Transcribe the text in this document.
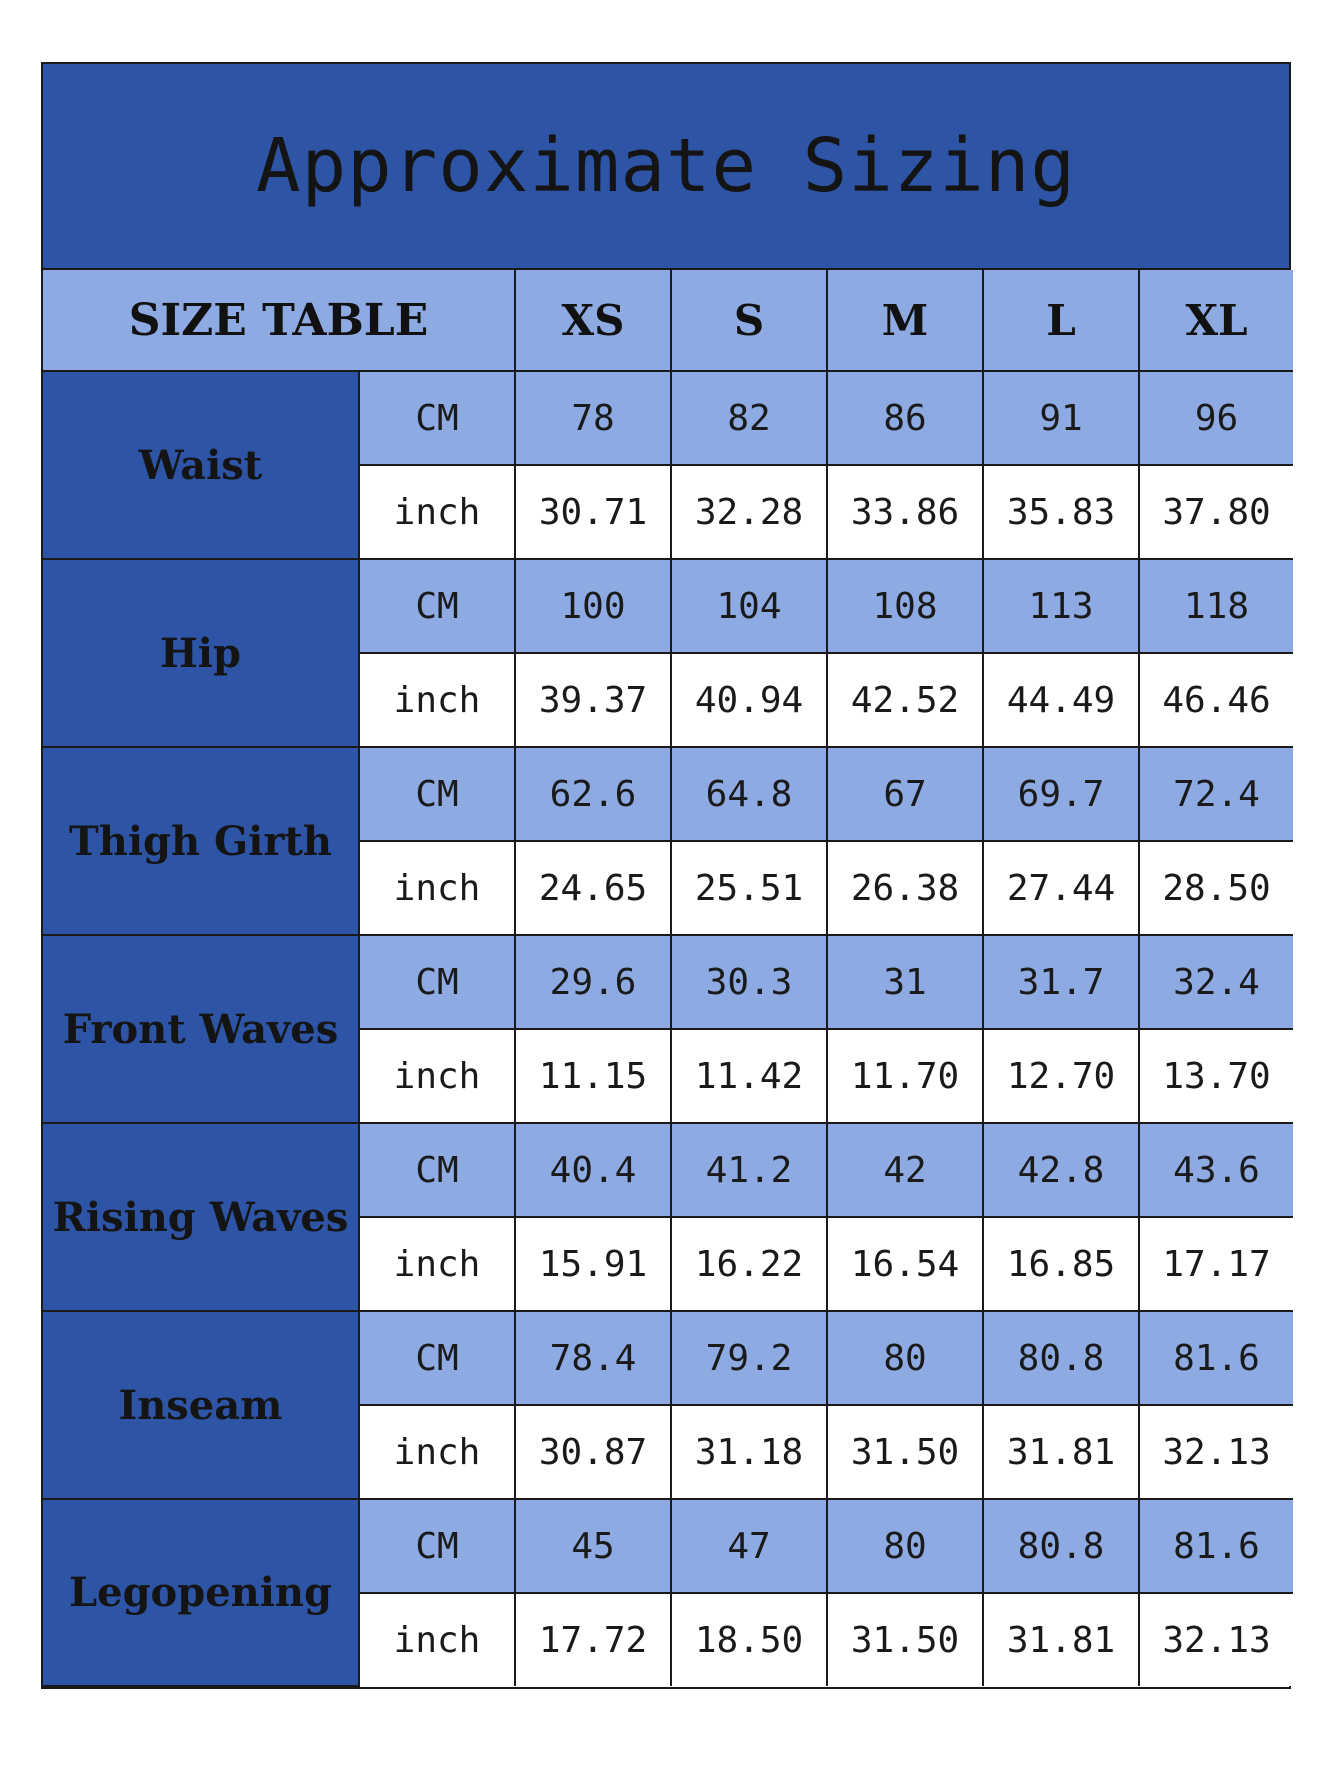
Approximate Sizing
SIZE TABLE		XS	S	M	L	XL
Waist	CM	78	82	86	91	96
	inch	30.71	32.28	33.86	35.83	37.80
Hip	CM	100	104	108	113	118
	inch	39.37	40.94	42.52	44.49	46.46
Thigh Girth	CM	62.6	64.8	67	69.7	72.4
	inch	24.65	25.51	26.38	27.44	28.50
Front Waves	CM	29.6	30.3	31	31.7	32.4
	inch	11.15	11.42	11.70	12.70	13.70
Rising Waves	CM	40.4	41.2	42	42.8	43.6
	inch	15.91	16.22	16.54	16.85	17.17
Inseam	CM	78.4	79.2	80	80.8	81.6
	inch	30.87	31.18	31.50	31.81	32.13
Legopening	CM	45	47	80	80.8	81.6
	inch	17.72	18.50	31.50	31.81	32.13
